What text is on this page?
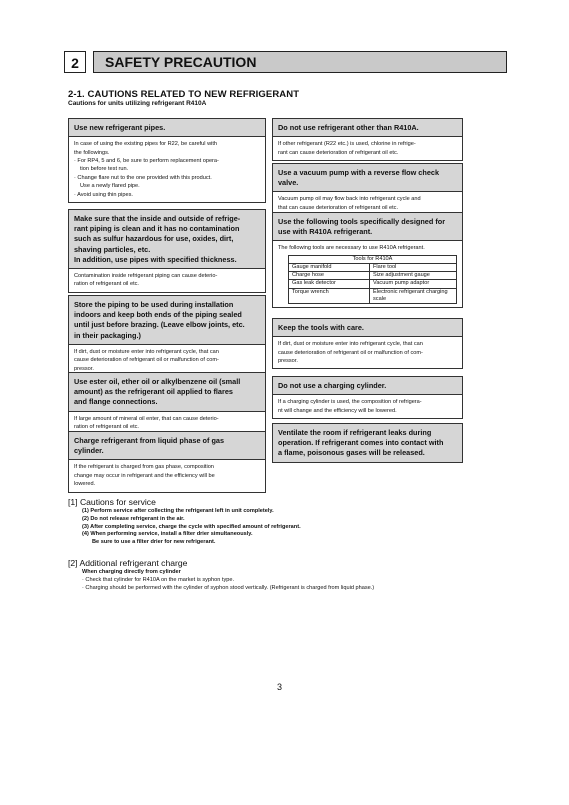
2	SAFETY PRECAUTION
2-1. CAUTIONS RELATED TO NEW REFRIGERANT
Cautions for units utilizing refrigerant R410A
Use new refrigerant pipes.
In case of using the existing pipes for R22, be careful with
the followings.
· For RP4, 5 and 6, be sure to perform replacement opera-
tion before test run.
· Change flare nut to the one provided with this product.
Use a newly flared pipe.
· Avoid using thin pipes.
Make sure that the inside and outside of refrige-
rant piping is clean and it has no contamination
such as sulfur hazardous for use, oxides, dirt,
shaving particles, etc.
In addition, use pipes with specified thickness.
Contamination inside refrigerant piping can cause deterio-
ration of refrigerant oil etc.
Store the piping to be used during installation
indoors and keep both ends of the piping sealed
until just before brazing. (Leave elbow joints, etc.
in their packaging.)
If dirt, dust or moisture enter into refrigerant cycle, that can
cause deterioration of refrigerant oil or malfunction of com-
pressor.
Use ester oil, ether oil or alkylbenzene oil (small
amount) as the refrigerant oil applied to flares
and flange connections.
If large amount of mineral oil enter, that can cause deterio-
ration of refrigerant oil etc.
Charge refrigerant from liquid phase of gas
cylinder.
If the refrigerant is charged from gas phase, composition
change may occur in refrigerant and the efficiency will be
lowered.
Do not use refrigerant other than R410A.
If other refrigerant (R22 etc.) is used, chlorine in refrige-
rant can cause deterioration of refrigerant oil etc.
Use a vacuum pump with a reverse flow check
valve.
Vacuum pump oil may flow back into refrigerant cycle and
that can cause deterioration of refrigerant oil etc.
Use the following tools specifically designed for
use with R410A refrigerant.
The following tools are necessary to use R410A refrigerant.
Tools for R410A	
Gauge manifold	Flare tool
Charge hose	Size adjustment gauge
Gas leak detector	Vacuum pump adaptor
Torque wrench	Electronic refrigerant charging scale
Keep the tools with care.
If dirt, dust or moisture enter into refrigerant cycle, that can
cause deterioration of refrigerant oil or malfunction of com-
pressor.
Do not use a charging cylinder.
If a charging cylinder is used, the composition of refrigera-
nt will change and the efficiency will be lowered.
Ventilate the room if refrigerant leaks during
operation. If refrigerant comes into contact with
a flame, poisonous gases will be released.
[1] Cautions for service
(1) Perform service after collecting the refrigerant left in unit completely.
(2) Do not release refrigerant in the air.
(3) After completing service, charge the cycle with specified amount of refrigerant.
(4) When performing service, install a filter drier simultaneously.
Be sure to use a filter drier for new refrigerant.
[2] Additional refrigerant charge
When charging directly from cylinder
· Check that cylinder for R410A on the market is syphon type.
· Charging should be performed with the cylinder of syphon stood vertically. (Refrigerant is charged from liquid phase.)
3
